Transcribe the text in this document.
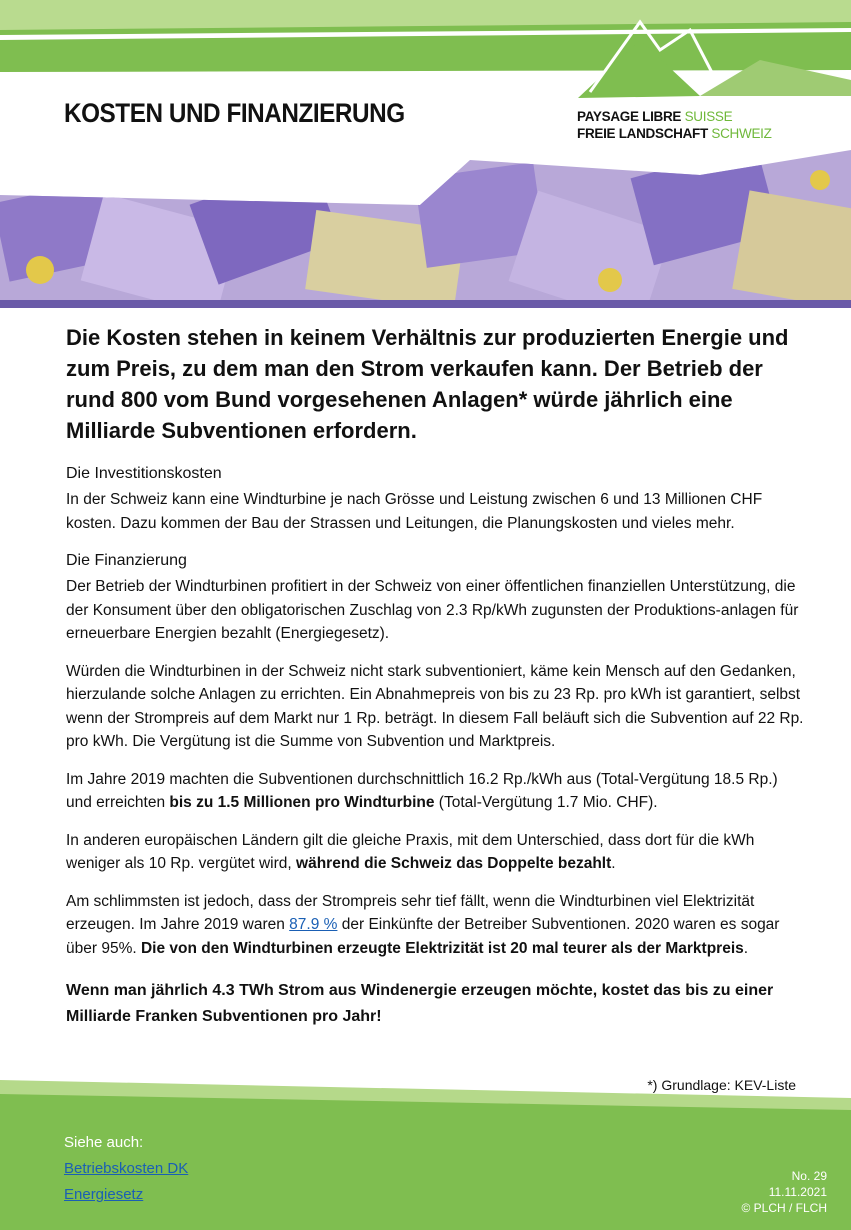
KOSTEN UND FINANZIERUNG	PAYSAGE LIBRE SUISSE
FREIE LANDSCHAFT SCHWEIZ

Die Kosten stehen in keinem Verhältnis zur produzierten Energie und zum Preis, zu dem man den Strom verkaufen kann. Der Betrieb der rund 800 vom Bund vorgesehenen Anlagen* würde jährlich eine Milliarde Subventionen erfordern.

Die Investitionskosten

In der Schweiz kann eine Windturbine je nach Grösse und Leistung zwischen 6 und 13 Millionen CHF kosten. Dazu kommen der Bau der Strassen und Leitungen, die Planungskosten und vieles mehr.

Die Finanzierung

Der Betrieb der Windturbinen profitiert in der Schweiz von einer öffentlichen finanziellen Unterstützung, die der Konsument über den obligatorischen Zuschlag von 2.3 Rp/kWh zugunsten der Produktions-anlagen für erneuerbare Energien bezahlt (Energiegesetz).

Würden die Windturbinen in der Schweiz nicht stark subventioniert, käme kein Mensch auf den Gedanken, hierzulande solche Anlagen zu errichten. Ein Abnahmepreis von bis zu 23 Rp. pro kWh ist garantiert, selbst wenn der Strompreis auf dem Markt nur 1 Rp. beträgt. In diesem Fall beläuft sich die Subvention auf 22 Rp. pro kWh. Die Vergütung ist die Summe von Subvention und Marktpreis.

Im Jahre 2019 machten die Subventionen durchschnittlich 16.2 Rp./kWh aus (Total-Vergütung 18.5 Rp.) und erreichten bis zu 1.5 Millionen pro Windturbine (Total-Vergütung 1.7 Mio. CHF).

In anderen europäischen Ländern gilt die gleiche Praxis, mit dem Unterschied, dass dort für die kWh weniger als 10 Rp. vergütet wird, während die Schweiz das Doppelte bezahlt.

Am schlimmsten ist jedoch, dass der Strompreis sehr tief fällt, wenn die Windturbinen viel Elektrizität erzeugen. Im Jahre 2019 waren 87.9 % der Einkünfte der Betreiber Subventionen. 2020 waren es sogar über 95%. Die von den Windturbinen erzeugte Elektrizität ist 20 mal teurer als der Marktpreis.

Wenn man jährlich 4.3 TWh Strom aus Windenergie erzeugen möchte, kostet das bis zu einer Milliarde Franken Subventionen pro Jahr!

Siehe auch:
Betriebskosten DK
Energiesetz
No. 29
11.11.2021
© PLCH / FLCH
*) Grundlage: KEV-Liste
